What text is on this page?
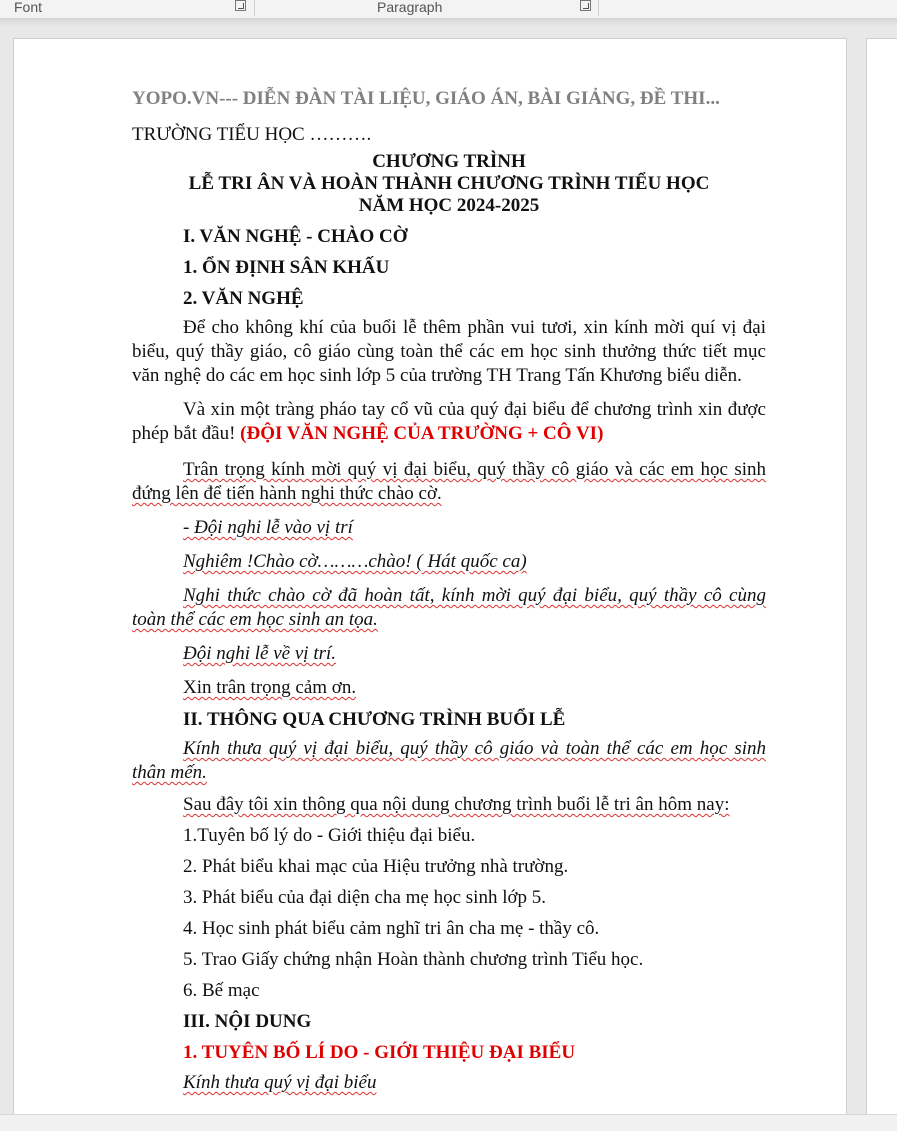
Font	Paragraph

YOPO.VN--- DIỄN ĐÀN TÀI LIỆU, GIÁO ÁN, BÀI GIẢNG, ĐỀ THI...

TRƯỜNG TIỂU HỌC ……….

CHƯƠNG TRÌNH

LỄ TRI ÂN VÀ HOÀN THÀNH CHƯƠNG TRÌNH TIỂU HỌC

NĂM HỌC 2024-2025

I. VĂN NGHỆ - CHÀO CỜ

1. ỔN ĐỊNH SÂN KHẤU

2. VĂN NGHỆ

Để cho không khí của buổi lễ thêm phần vui tươi, xin kính mời quí vị đại biểu, quý thầy giáo, cô giáo cùng toàn thể các em học sinh thưởng thức tiết mục văn nghệ do các em học sinh lớp 5 của trường TH Trang Tấn Khương biểu diễn.

Và xin một tràng pháo tay cổ vũ của quý đại biểu để chương trình xin được phép bắt đầu! (ĐỘI VĂN NGHỆ CỦA TRƯỜNG + CÔ VI)

Trân trọng kính mời quý vị đại biểu, quý thầy cô giáo và các em học sinh đứng lên để tiến hành nghi thức chào cờ.

- Đội nghi lễ vào vị trí

Nghiêm !Chào cờ………chào! ( Hát quốc ca)

Nghi thức chào cờ đã hoàn tất, kính mời quý đại biểu, quý thầy cô cùng toàn thể các em học sinh an tọa.

Đội nghi lễ về vị trí.

Xin trân trọng cảm ơn.

II. THÔNG QUA CHƯƠNG TRÌNH BUỔI LỄ

Kính thưa quý vị đại biểu, quý thầy cô giáo và toàn thể các em học sinh thân mến.

Sau đây tôi xin thông qua nội dung chương trình buổi lễ tri ân hôm nay:

1.Tuyên bố lý do - Giới thiệu đại biểu.

2. Phát biểu khai mạc của Hiệu trưởng nhà trường.

3. Phát biểu của đại diện cha mẹ học sinh lớp 5.

4. Học sinh phát biểu cảm nghĩ tri ân cha mẹ - thầy cô.

5. Trao Giấy chứng nhận Hoàn thành chương trình Tiểu học.

6. Bế mạc

III. NỘI DUNG

1. TUYÊN BỐ LÍ DO - GIỚI THIỆU ĐẠI BIỂU

Kính thưa quý vị đại biểu
